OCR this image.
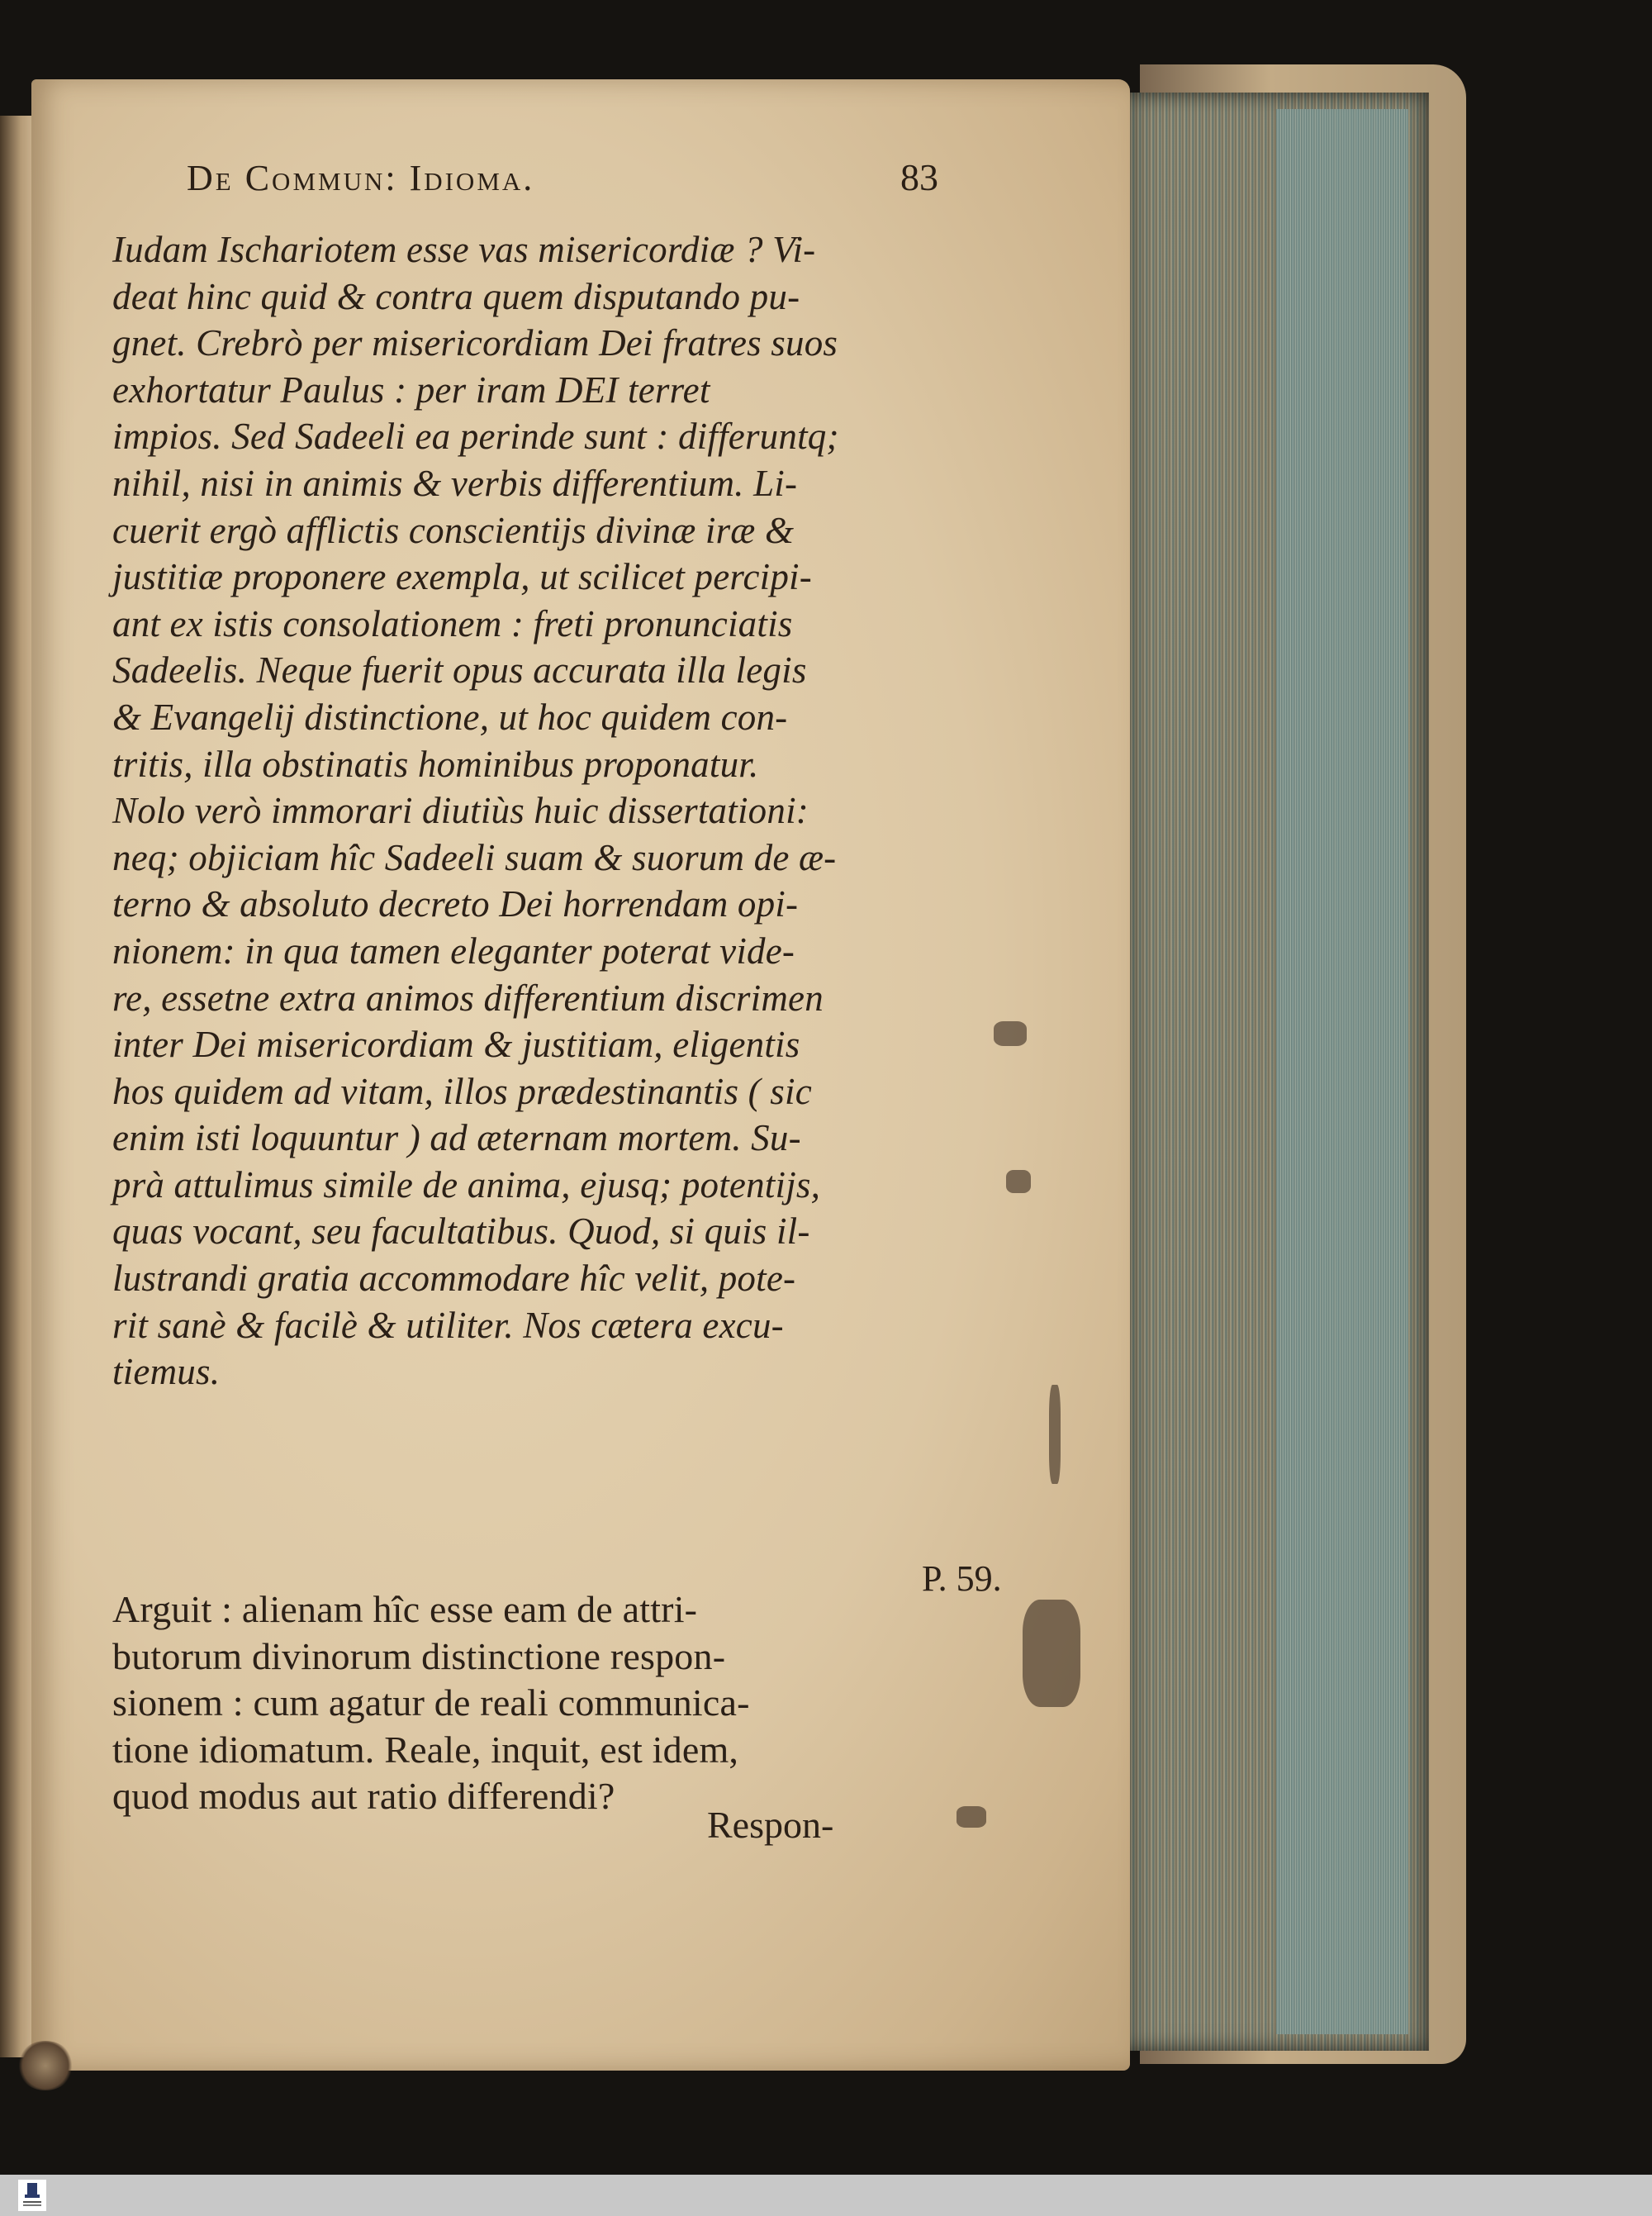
De Commun: Idioma.	83
Iudam Ischariotem esse vas misericordiæ ? Vi-
deat hinc quid & contra quem disputando pu-
gnet. Crebrò per misericordiam Dei fratres suos
exhortatur Paulus : per iram DEI terret
impios. Sed Sadeeli ea perinde sunt : differuntq;
nihil, nisi in animis & verbis differentium. Li-
cuerit ergò afflictis conscientijs divinæ iræ &
justitiæ proponere exempla, ut scilicet percipi-
ant ex istis consolationem : freti pronunciatis
Sadeelis. Neque fuerit opus accurata illa legis
& Evangelij distinctione, ut hoc quidem con-
tritis, illa obstinatis hominibus proponatur.
Nolo verò immorari diutiùs huic dissertationi:
neq; objiciam hîc Sadeeli suam & suorum de æ-
terno & absoluto decreto Dei horrendam opi-
nionem: in qua tamen eleganter poterat vide-
re, essetne extra animos differentium discrimen
inter Dei misericordiam & justitiam, eligentis
hos quidem ad vitam, illos prædestinantis ( sic
enim isti loquuntur ) ad æternam mortem. Su-
prà attulimus simile de anima, ejusq; potentijs,
quas vocant, seu facultatibus. Quod, si quis il-
lustrandi gratia accommodare hîc velit, pote-
rit sanè & facilè & utiliter. Nos cætera excu-
tiemus.
Arguit : alienam hîc esse eam de attri-
butorum divinorum distinctione respon-
sionem : cum agatur de reali communica-
tione idiomatum. Reale, inquit, est idem,
quod modus aut ratio differendi?
P. 59.
Respon-
